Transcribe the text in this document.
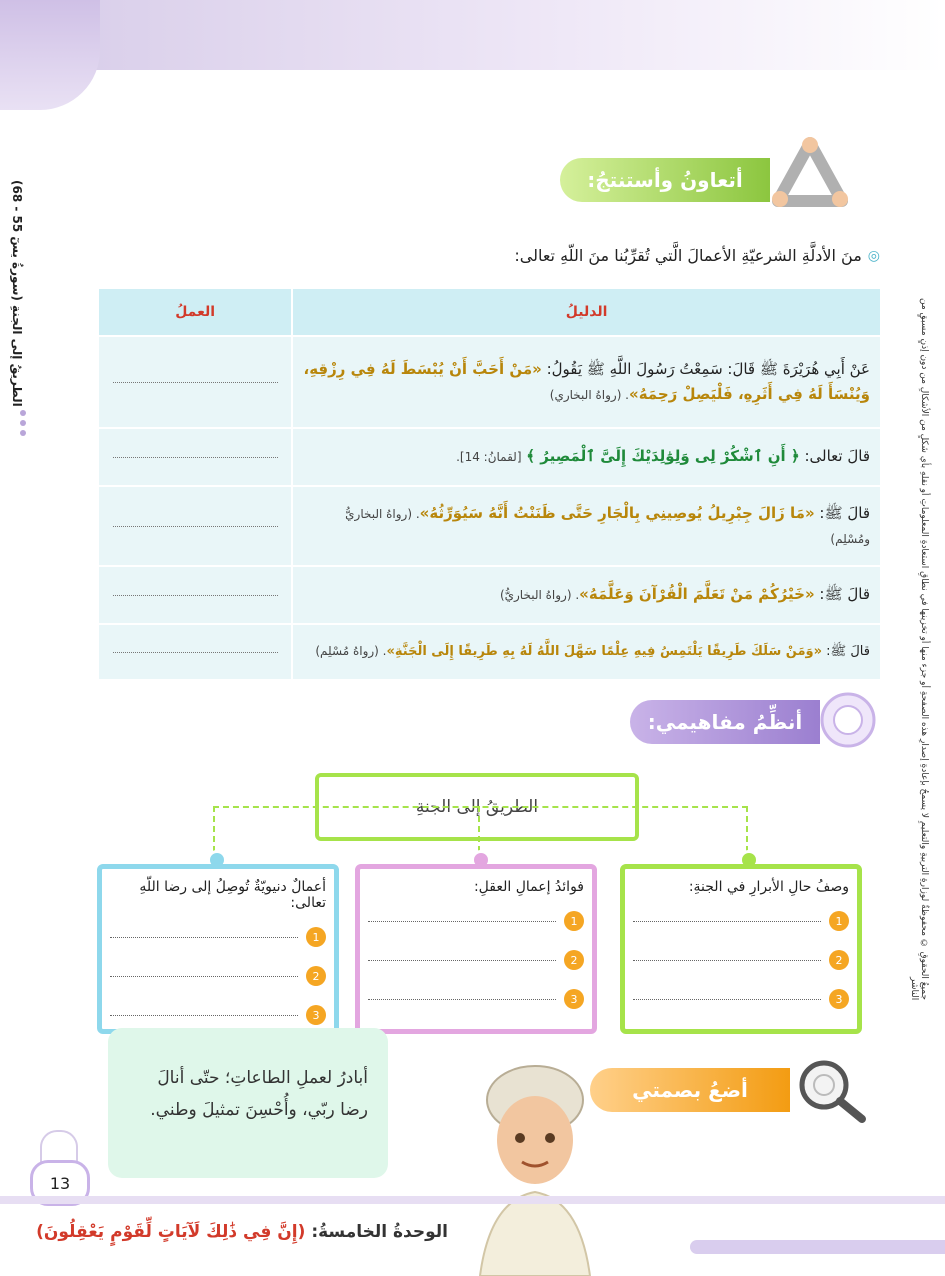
الطريقُ إلى الجنةِ (سورةُ يسٓ 55 - 68)	جميعُ الحقوقِ © محفوظةٌ لوزارةِ التربيةِ والتعليمِ لا يسمحُ بإعادةِ إصدارِ هذه الصفحةِ أو جزء منها أو تخزينها في نطاقِ استعادةِ المعلوماتِ أو نقلهِ بأي شكلٍ من الأشكالِ من دون إذنٍ مسبقٍ من الناشر
أتعاونُ وأستنتجُ:
◎
منَ الأدلَّةِ الشرعيّةِ الأعمالَ الَّتي تُقرِّبُنا منَ اللّهِ تعالى:
الدليلُ	العملُ
عَنْ أَبِي هُرَيْرَةَ ﷺ قَالَ: سَمِعْتُ رَسُولَ اللَّهِ ﷺ يَقُولُ: «مَنْ أَحَبَّ أَنْ يُبْسَطَ لَهُ فِي رِزْقِهِ، وَيُنْسَأَ لَهُ فِي أَثَرِهِ، فَلْيَصِلْ رَحِمَهُ». (رواهُ البخاري)	

قالَ تعالى: ﴿ أَنِ ٱشْكُرْ لِى وَلِوَٰلِدَيْكَ إِلَىَّ ٱلْمَصِيرُ ﴾ [لقمانُ: 14].	

قالَ ﷺ: «مَا زَالَ جِبْرِيلُ يُوصِينِي بِالْجَارِ حَتَّى ظَنَنْتُ أَنَّهُ سَيُوَرِّثُهُ». (رواهُ البخاريُّ ومُسْلِم)	

قالَ ﷺ: «خَيْرُكُمْ مَنْ تَعَلَّمَ الْقُرْآنَ وَعَلَّمَهُ». (رواهُ البخاريُّ)	

قالَ ﷺ: «وَمَنْ سَلَكَ طَرِيقًا يَلْتَمِسُ فِيهِ عِلْمًا سَهَّلَ اللَّهُ لَهُ بِهِ طَرِيقًا إِلَى الْجَنَّةِ». (رواهُ مُسْلِم)	
أنظِّمُ مفاهيمي:
الطريقُ إلى الجنةِ
وصفُ حالِ الأبرارِ في الجنةِ:
1
2
3
فوائدُ إعمالِ العقلِ:
1
2
3
أعمالٌ دنيويّةٌ تُوصِلُ إلى رضا اللّهِ تعالى:
1
2
3
أبادرُ لعملِ الطاعاتِ؛ حتّى أنالَ رضا ربّي، وأُحْسِنَ تمثيلَ وطني.
أضعُ بصمتي
13
الوحدةُ الخامسةُ: (إِنَّ فِي ذَٰلِكَ لَآيَاتٍ لِّقَوْمٍ يَعْقِلُونَ)
